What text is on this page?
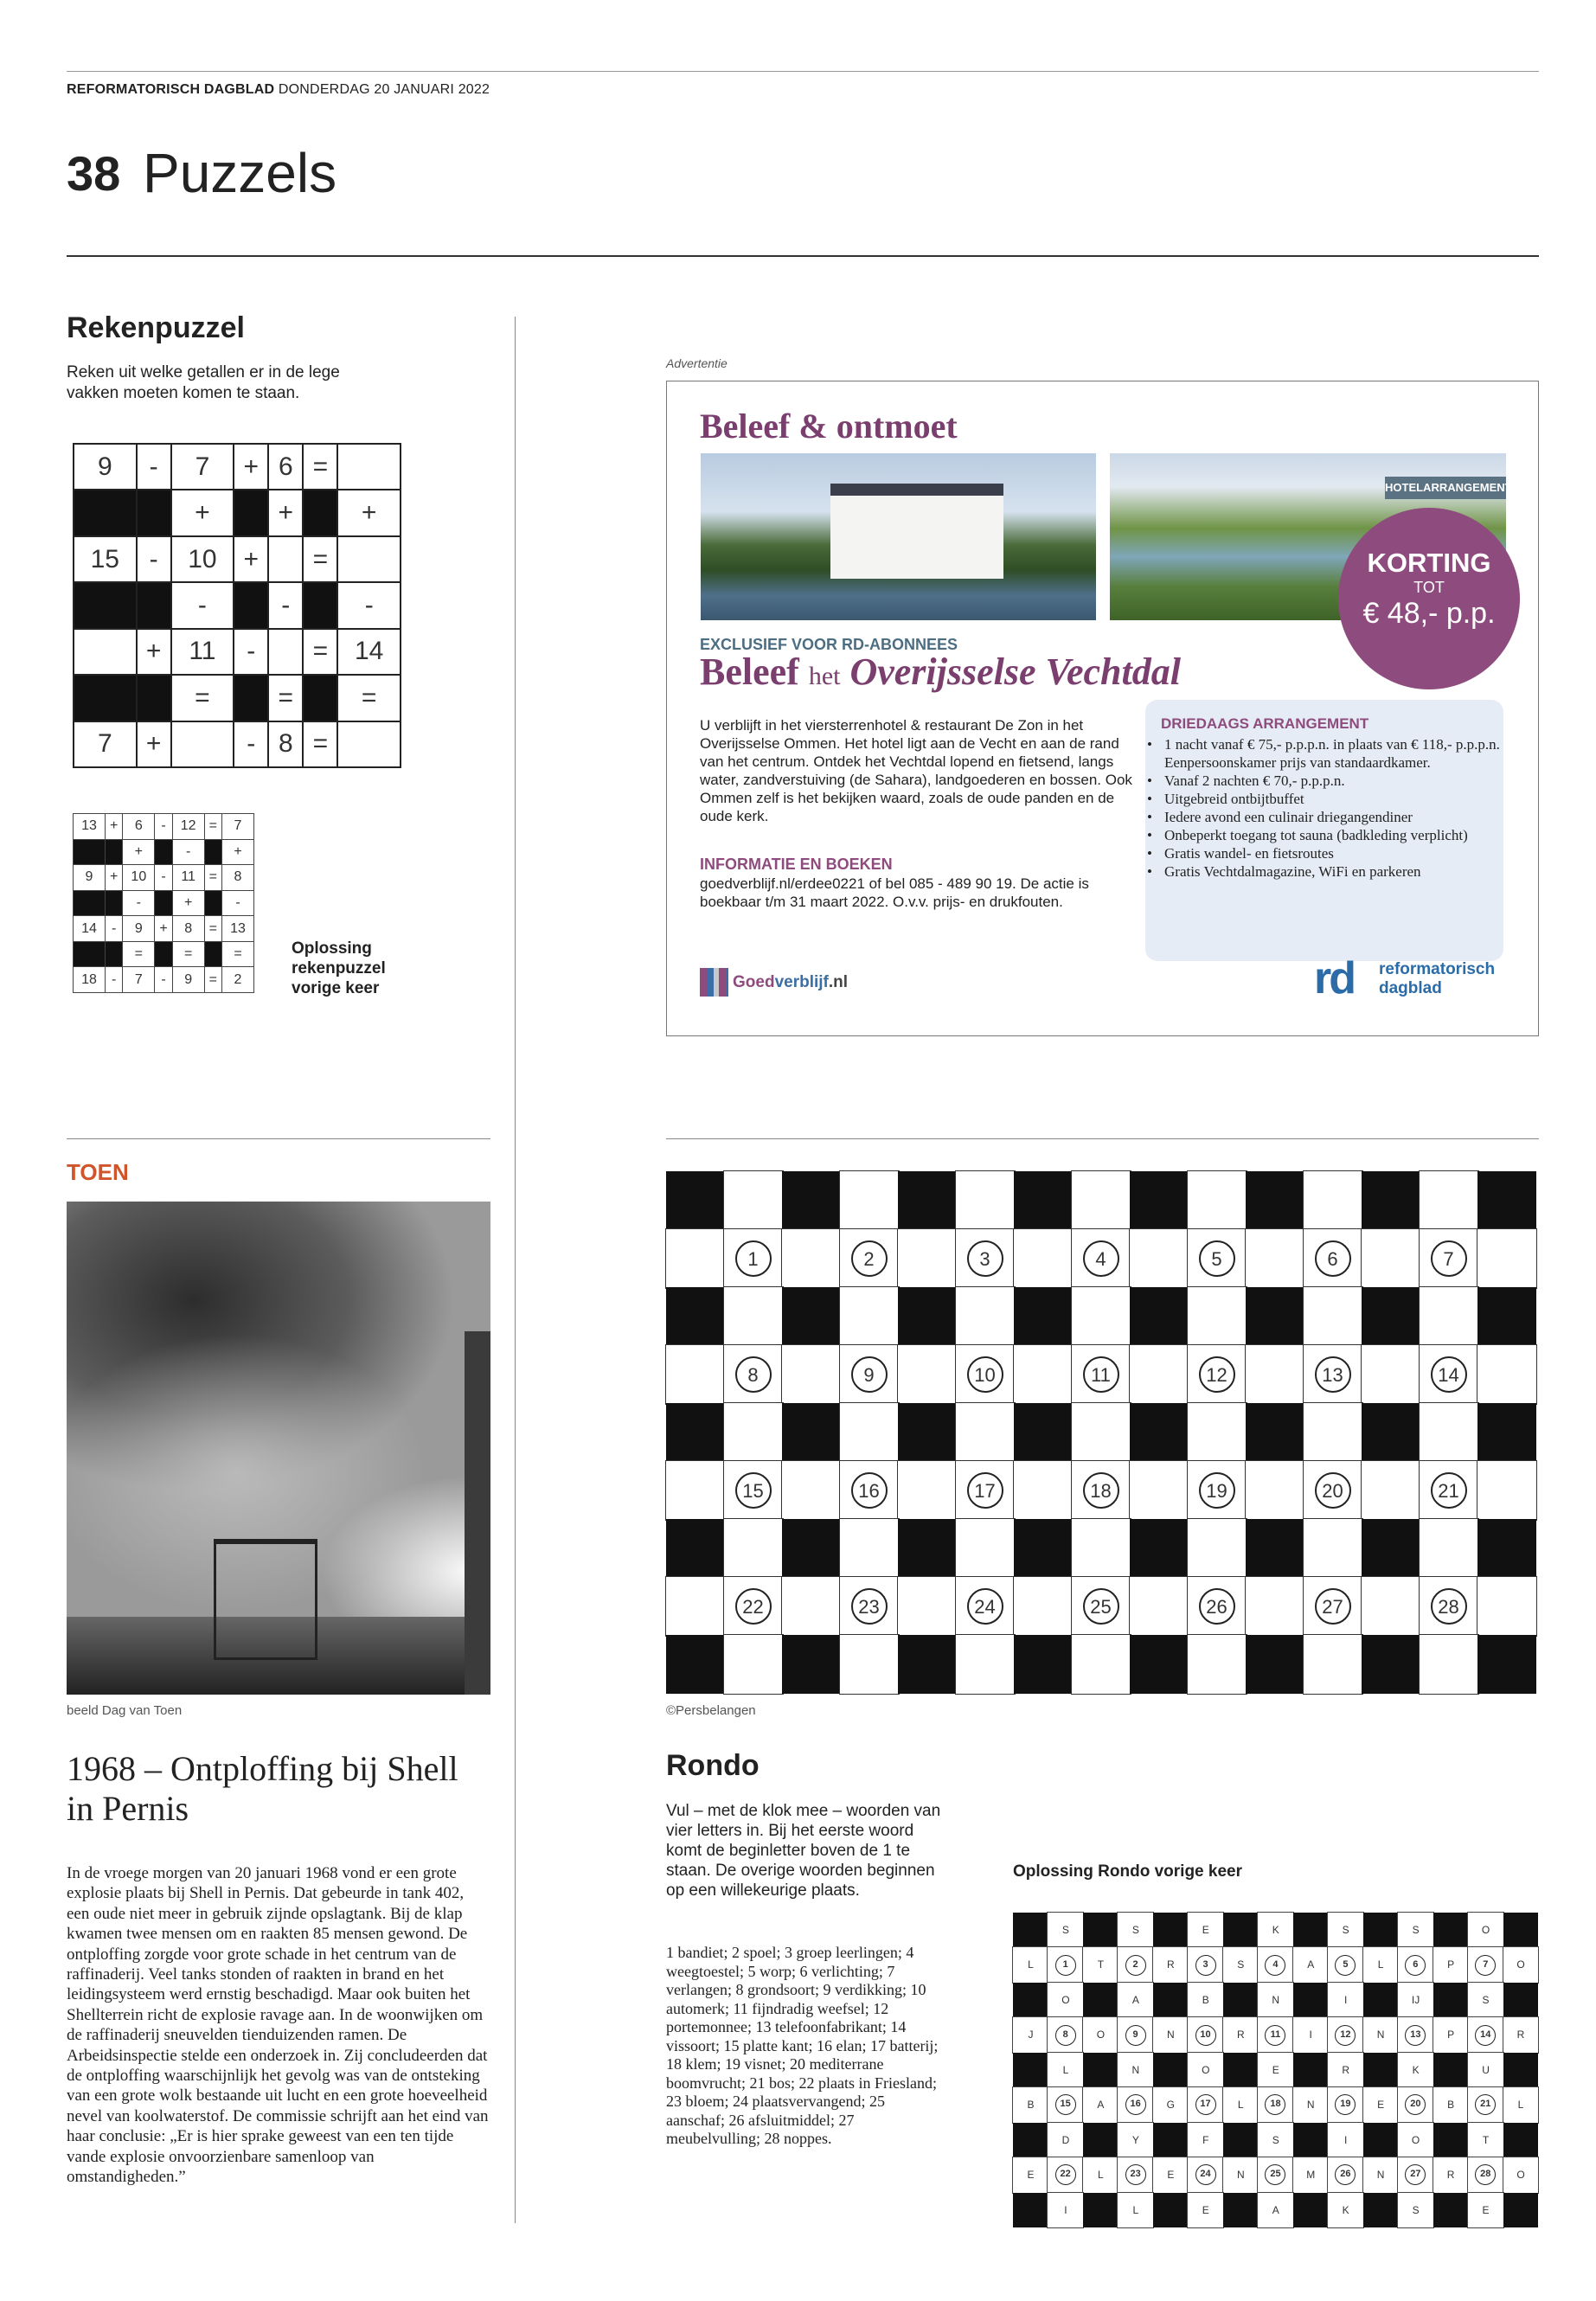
REFORMATORISCH DAGBLAD DONDERDAG 20 JANUARI 2022
38 Puzzels
Rekenpuzzel
Reken uit welke getallen er in de lege vakken moeten komen te staan.
9	-	7	+	6	=	
		+		+		+
15	-	10	+		=	
		-		-		-
	+	11	-		=	14
		=		=		=
7	+		-	8	=	
13	+	6	-	12	=	7
		+		-		+
9	+	10	-	11	=	8
		-		+		-
14	-	9	+	8	=	13
		=		=		=
18	-	7	-	9	=	2
Oplossing rekenpuzzel vorige keer
Advertentie
Beleef & ontmoet
HOTELARRANGEMENT
KORTING
TOT
€ 48,- p.p.
EXCLUSIEF VOOR RD-ABONNEES
Beleef het Overijsselse Vechtdal
U verblijft in het viersterrenhotel & restaurant De Zon in het Overijsselse Ommen. Het hotel ligt aan de Vecht en aan de rand van het centrum. Ontdek het Vechtdal lopend en fietsend, langs water, zandverstuiving (de Sahara), landgoederen en bossen. Ook Ommen zelf is het bekijken waard, zoals de oude panden en de oude kerk.
INFORMATIE EN BOEKEN
goedverblijf.nl/erdee0221 of bel 085 - 489 90 19. De actie is boekbaar t/m 31 maart 2022. O.v.v. prijs- en drukfouten.
DRIEDAAGS ARRANGEMENT
• 1 nacht vanaf € 75,- p.p.p.n. in plaats van € 118,- p.p.p.n. Eenpersoonskamer prijs van standaardkamer.
• Vanaf 2 nachten € 70,- p.p.p.n.
• Uitgebreid ontbijtbuffet
• Iedere avond een culinair driegangendiner
• Onbeperkt toegang tot sauna (badkleding verplicht)
• Gratis wandel- en fietsroutes
• Gratis Vechtdalmagazine, WiFi en parkeren
Goedverblijf.nl	rd reformatorisch
dagblad
TOEN
beeld Dag van Toen
1968 – Ontploffing bij Shell in Pernis
In de vroege morgen van 20 januari 1968 vond er een grote explosie plaats bij Shell in Pernis. Dat gebeurde in tank 402, een oude niet meer in gebruik zijnde opslagtank. Bij de klap kwamen twee mensen om en raakten 85 mensen gewond. De ontploffing zorgde voor grote schade in het centrum van de raffinaderij. Veel tanks stonden of raakten in brand en het leidingsysteem werd ernstig beschadigd. Maar ook buiten het Shellterrein richt de explosie ravage aan. In de woonwijken om de raffinaderij sneuvelden tienduizenden ramen. De Arbeidsinspectie stelde een onderzoek in. Zij concludeerden dat de ontploffing waarschijnlijk het gevolg was van de ontsteking van een grote wolk bestaande uit lucht en een grote hoeveelheid nevel van koolwaterstof. De commissie schrijft aan het eind van haar conclusie: „Er is hier sprake geweest van een ten tijde vande explosie onvoorzienbare samenloop van omstandigheden.”
1	2	3	4	5	6	7
8	9	10	11	12	13	14
15	16	17	18	19	20	21
22	23	24	25	26	27	28
©Persbelangen
Rondo
Vul – met de klok mee – woorden van vier letters in. Bij het eerste woord komt de beginletter boven de 1 te staan. De overige woorden beginnen op een willekeurige plaats.
1 bandiet; 2 spoel; 3 groep leerlingen; 4 weegtoestel; 5 worp; 6 verlichting; 7 verlangen; 8 grondsoort; 9 verdikking; 10 automerk; 11 fijndradig weefsel; 12 portemonnee; 13 telefoonfabrikant; 14 vissoort; 15 platte kant; 16 elan; 17 batterij; 18 klem; 19 visnet; 20 mediterrane boomvrucht; 21 bos; 22 plaats in Friesland; 23 bloem; 24 plaatsvervangend; 25 aanschaf; 26 afsluitmiddel; 27 meubelvulling; 28 noppes.
Oplossing Rondo vorige keer
S	S	E	K	S	S	O
L	1	T	2	R	3	S	4	A	5	L	6	P	7	O
O	A	B	N	I	IJ	S
J	8	O	9	N	10	R	11	I	12	N	13	P	14	R
L	N	O	E	R	K	U
B	15	A	16	G	17	L	18	N	19	E	20	B	21	L
D	Y	F	S	I	O	T
E	22	L	23	E	24	N	25	M	26	N	27	R	28	O
I	L	E	A	K	S	E
